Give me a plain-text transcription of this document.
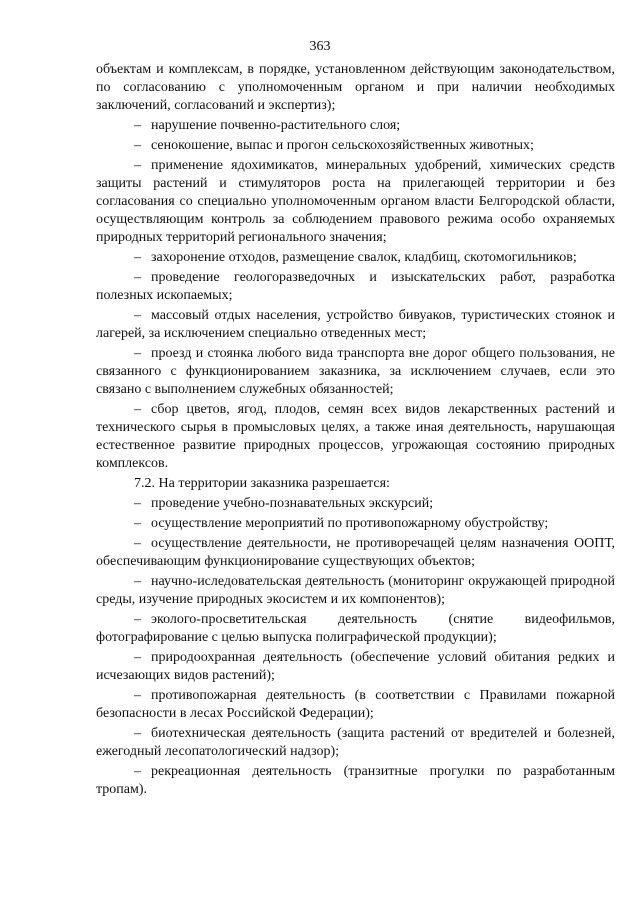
363

объектам и комплексам, в порядке, установленном действующим законодательством, по согласованию с уполномоченным органом и при наличии необходимых заключений, согласований и экспертиз);

– нарушение почвенно-растительного слоя;

– сенокошение, выпас и прогон сельскохозяйственных животных;

– применение ядохимикатов, минеральных удобрений, химических средств защиты растений и стимуляторов роста на прилегающей территории и без согласования со специально уполномоченным органом власти Белгородской области, осуществляющим контроль за соблюдением правового режима особо охраняемых природных территорий регионального значения;

– захоронение отходов, размещение свалок, кладбищ, скотомогильников;

– проведение геологоразведочных и изыскательских работ, разработка полезных ископаемых;

– массовый отдых населения, устройство бивуаков, туристических стоянок и лагерей, за исключением специально отведенных мест;

– проезд и стоянка любого вида транспорта вне дорог общего пользования, не связанного с функционированием заказника, за исключением случаев, если это связано с выполнением служебных обязанностей;

– сбор цветов, ягод, плодов, семян всех видов лекарственных растений и технического сырья в промысловых целях, а также иная деятельность, нарушающая естественное развитие природных процессов, угрожающая состоянию природных комплексов.

7.2. На территории заказника разрешается:

– проведение учебно-познавательных экскурсий;

– осуществление мероприятий по противопожарному обустройству;

– осуществление деятельности, не противоречащей целям назначения ООПТ, обеспечивающим функционирование существующих объектов;

– научно-иследовательская деятельность (мониторинг окружающей природной среды, изучение природных экосистем и их компонентов);

– эколого-просветительская деятельность (снятие видеофильмов, фотографирование с целью выпуска полиграфической продукции);

– природоохранная деятельность (обеспечение условий обитания редких и исчезающих видов растений);

– противопожарная деятельность (в соответствии с Правилами пожарной безопасности в лесах Российской Федерации);

– биотехническая деятельность (защита растений от вредителей и болезней, ежегодный лесопатологический надзор);

– рекреационная деятельность (транзитные прогулки по разработанным тропам).
